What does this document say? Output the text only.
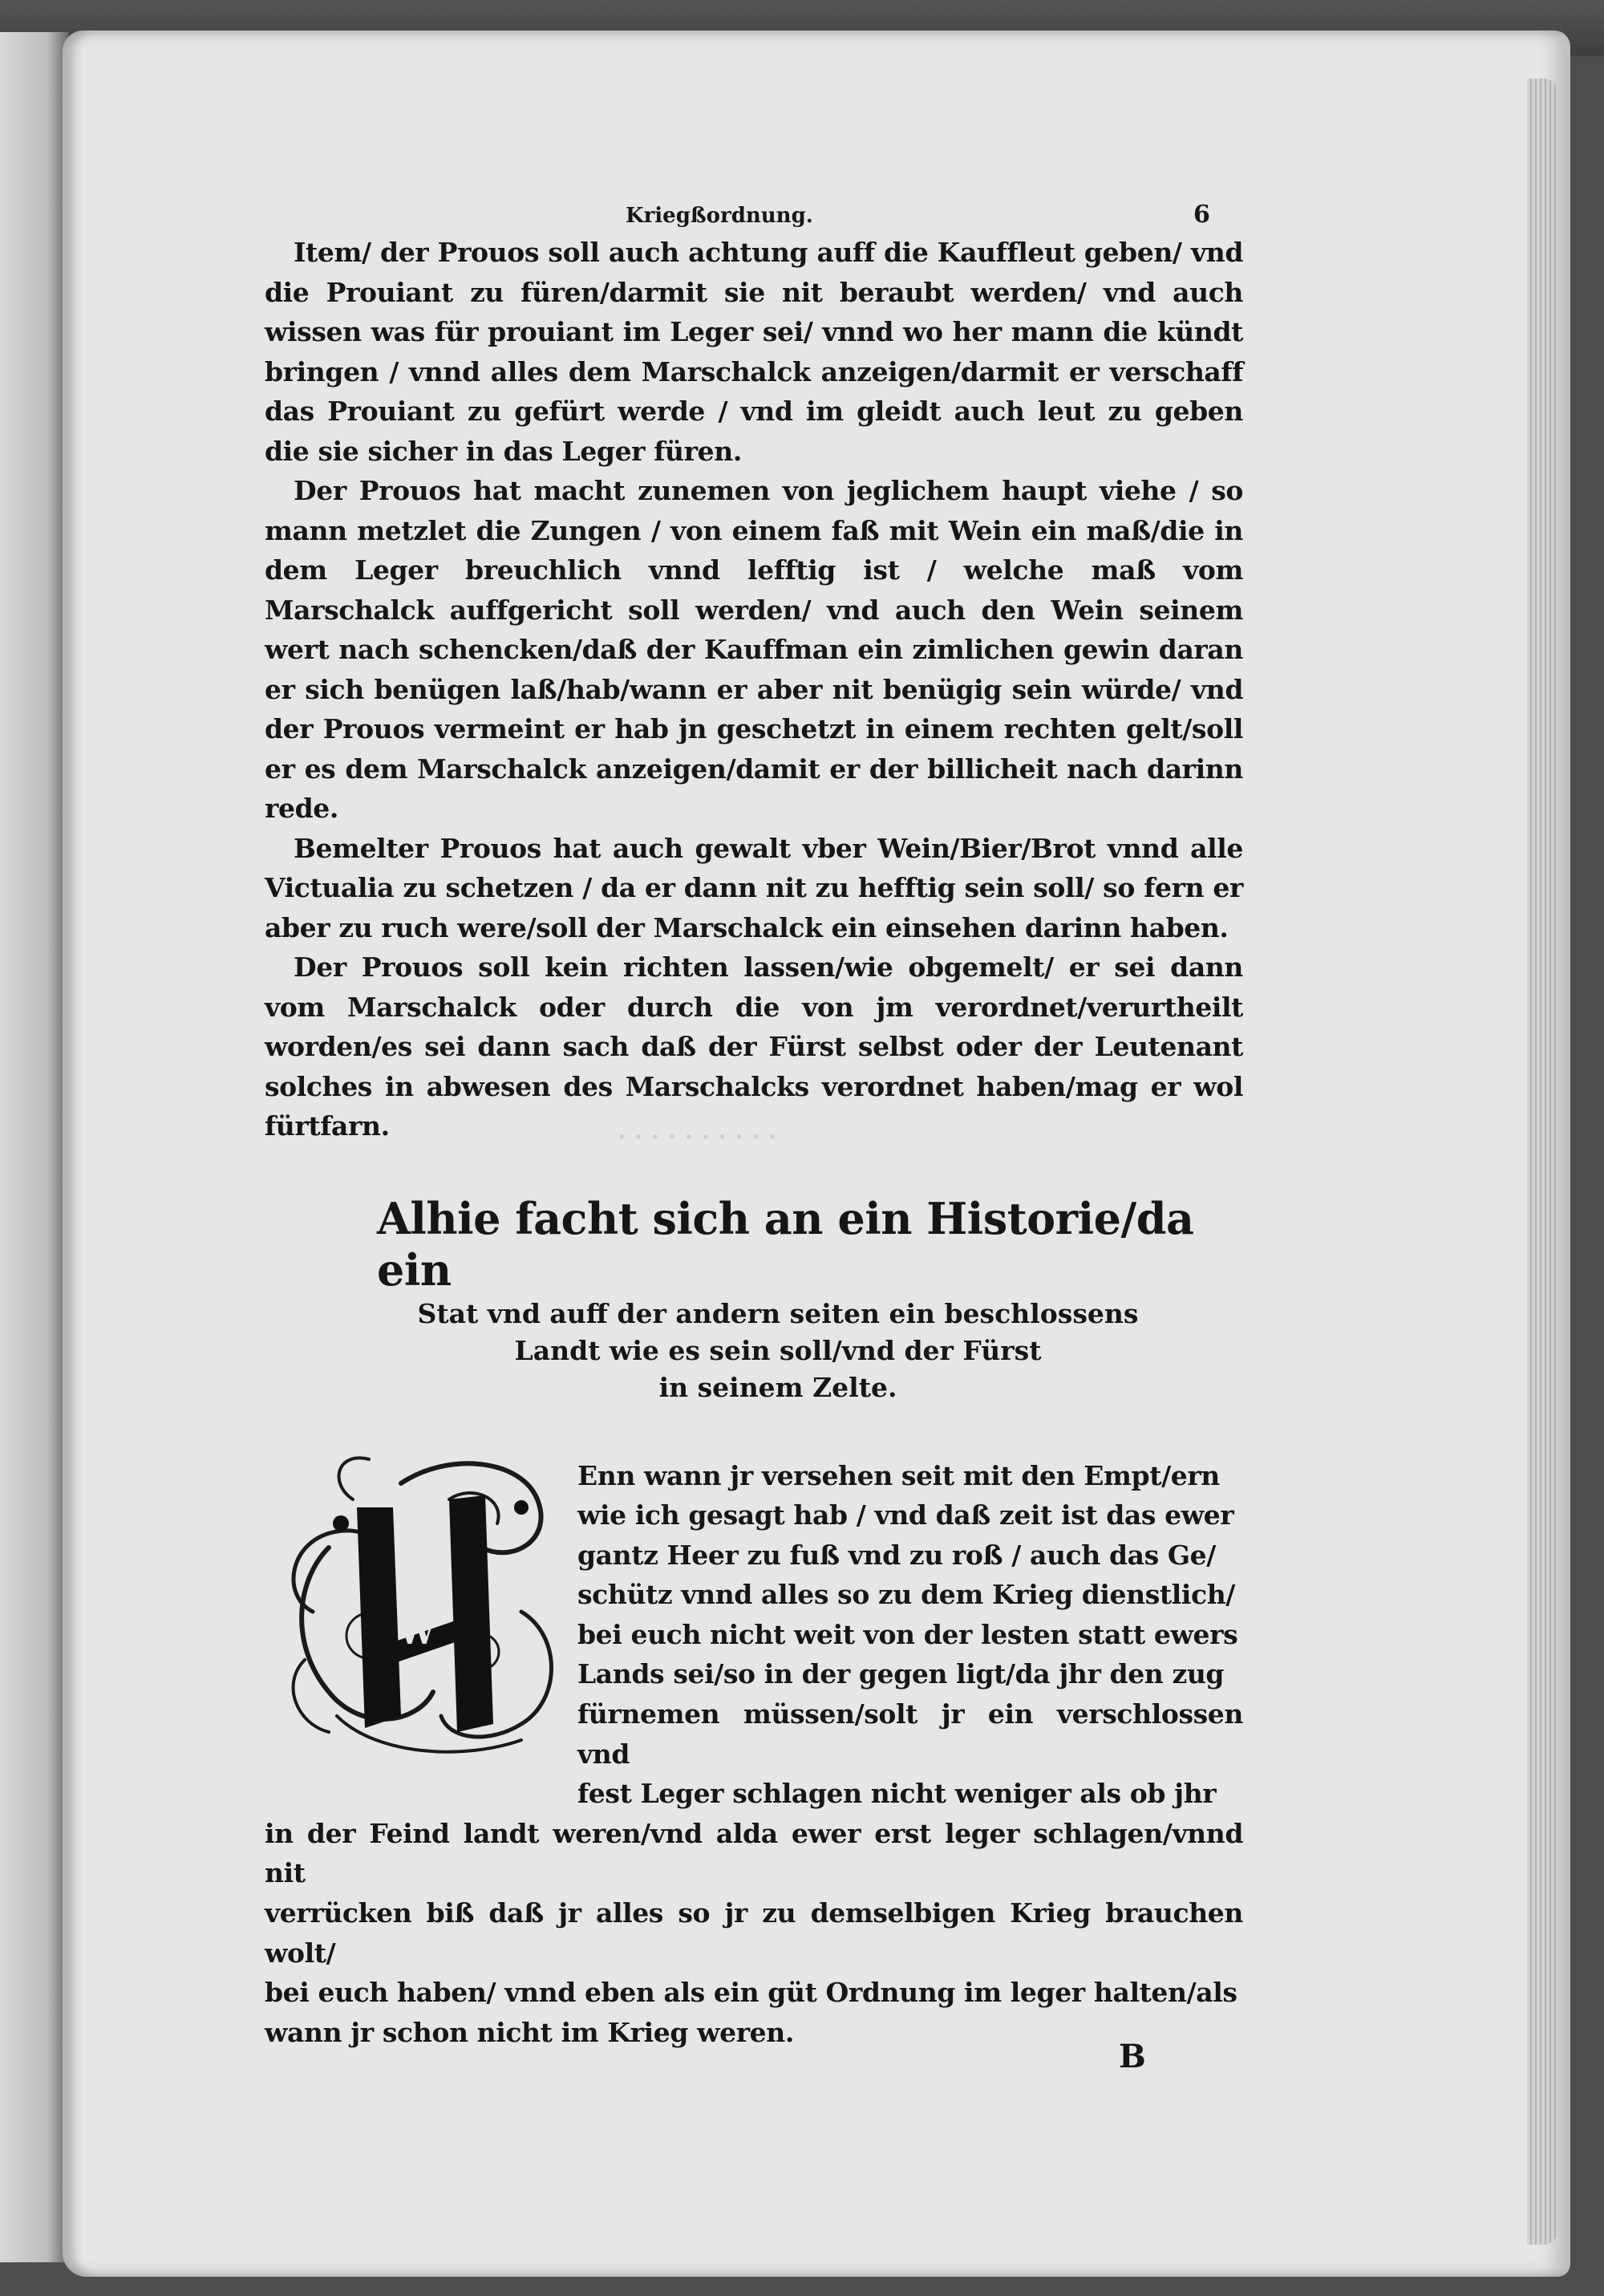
· · · · · · · · · ·
Kriegßordnung.	6

Item/ der Prouos soll auch achtung auff die Kauffleut geben/ vnd die Prouiant zu füren/darmit sie nit beraubt werden/ vnd auch wissen was für prouiant im Leger sei/ vnnd wo her mann die kündt bringen / vnnd alles dem Marschalck anzeigen/darmit er verschaff das Prouiant zu gefürt werde / vnd im gleidt auch leut zu geben die sie sicher in das Leger füren.

Der Prouos hat macht zunemen von jeglichem haupt viehe / so mann metzlet die Zungen / von einem faß mit Wein ein maß/die in dem Leger breuchlich vnnd lefftig ist / welche maß vom Marschalck auffgericht soll werden/ vnd auch den Wein seinem wert nach schencken/daß der Kauffman ein zimlichen gewin daran er sich benügen laß/hab/wann er aber nit benügig sein würde/ vnd der Prouos vermeint er hab jn geschetzt in einem rechten gelt/soll er es dem Marschalck anzeigen/damit er der billicheit nach darinn rede.

Bemelter Prouos hat auch gewalt vber Wein/Bier/Brot vnnd alle Victualia zu schetzen / da er dann nit zu hefftig sein soll/ so fern er aber zu ruch were/soll der Marschalck ein einsehen darinn haben.

Der Prouos soll kein richten lassen/wie obgemelt/ er sei dann vom Marschalck oder durch die von jm verordnet/verurtheilt worden/es sei dann sach daß der Fürst selbst oder der Leutenant solches in abwesen des Marschalcks verordnet haben/mag er wol fürtfarn.

Alhie facht sich an ein Historie/da ein
Stat vnd auff der andern seiten ein beschlossens
Landt wie es sein soll/vnd der Fürst
in seinem Zelte.
W

Enn wann jr versehen seit mit den Empt/ern
wie ich gesagt hab / vnd daß zeit ist das ewer
gantz Heer zu fuß vnd zu roß / auch das Ge/
schütz vnnd alles so zu dem Krieg dienstlich/
bei euch nicht weit von der lesten statt ewers
Lands sei/so in der gegen ligt/da jhr den zug
fürnemen müssen/solt jr ein verschlossen vnd
fest Leger schlagen nicht weniger als ob jhr
in der Feind landt weren/vnd alda ewer erst leger schlagen/vnnd nit
verrücken biß daß jr alles so jr zu demselbigen Krieg brauchen wolt/
bei euch haben/ vnnd eben als ein güt Ordnung im leger halten/als
wann jr schon nicht im Krieg weren.

B
